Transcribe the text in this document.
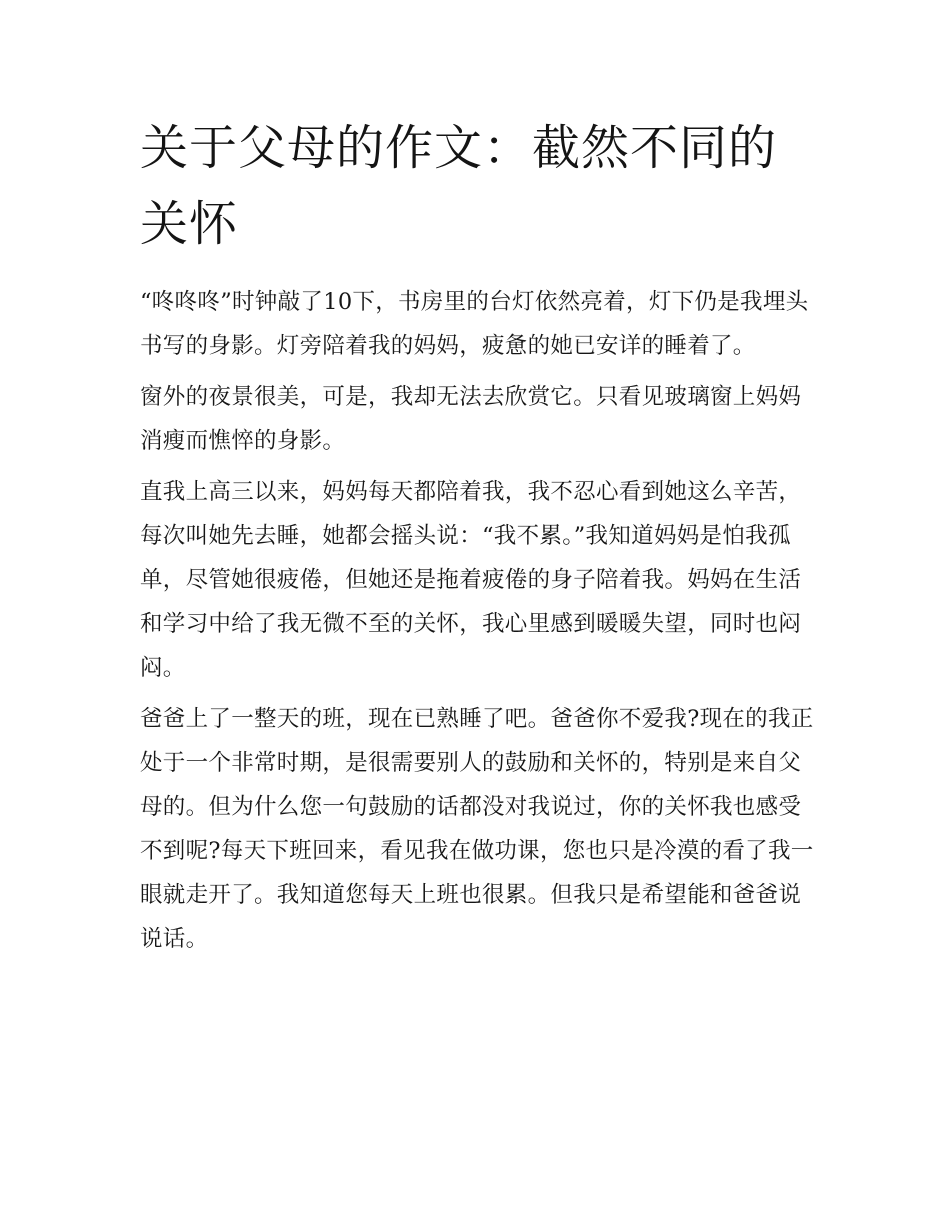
关于父母的作文：截然不同的关怀

“咚咚咚”时钟敲了10下，书房里的台灯依然亮着，灯下仍是我埋头书写的身影。灯旁陪着我的妈妈，疲惫的她已安详的睡着了。

窗外的夜景很美，可是，我却无法去欣赏它。只看见玻璃窗上妈妈消瘦而憔悴的身影。

直我上高三以来，妈妈每天都陪着我，我不忍心看到她这么辛苦，每次叫她先去睡，她都会摇头说：“我不累。”我知道妈妈是怕我孤单，尽管她很疲倦，但她还是拖着疲倦的身子陪着我。妈妈在生活和学习中给了我无微不至的关怀，我心里感到暖暖失望，同时也闷闷。

爸爸上了一整天的班，现在已熟睡了吧。爸爸你不爱我?现在的我正处于一个非常时期，是很需要别人的鼓励和关怀的，特别是来自父母的。但为什么您一句鼓励的话都没对我说过，你的关怀我也感受不到呢?每天下班回来，看见我在做功课，您也只是冷漠的看了我一眼就走开了。我知道您每天上班也很累。但我只是希望能和爸爸说说话。
